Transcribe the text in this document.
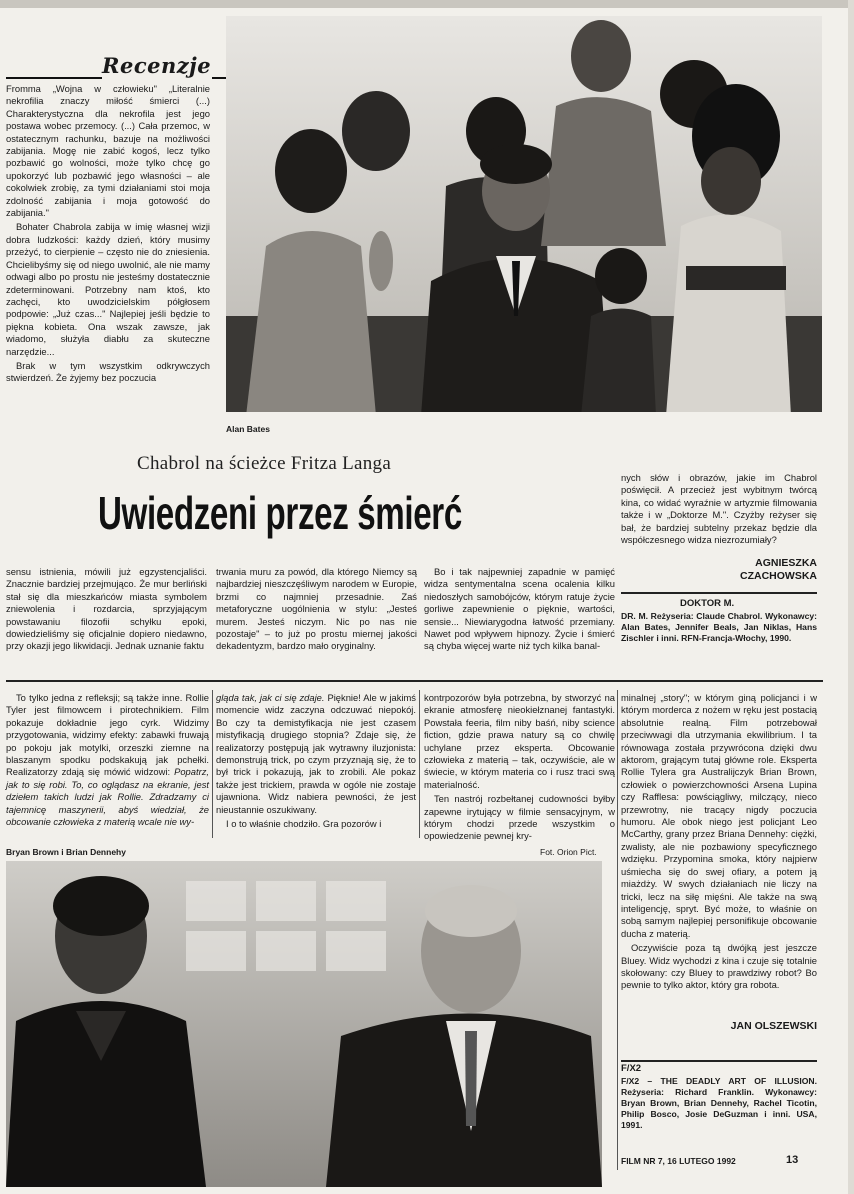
Recenzje

Fromma „Wojna w człowieku" „Literalnie nekrofilia znaczy miłość śmierci (...) Charakterystyczna dla nekrofila jest jego postawa wobec przemocy. (...) Cała przemoc, w ostatecznym rachunku, bazuje na możliwości zabijania. Mogę nie zabić kogoś, lecz tylko pozbawić go wolności, może tylko chcę go upokorzyć lub pozbawić jego własności – ale cokolwiek zrobię, za tymi działaniami stoi moja zdolność zabijania i moja gotowość do zabijania."

Bohater Chabrola zabija w imię własnej wizji dobra ludzkości: każdy dzień, który musimy przeżyć, to cierpienie – często nie do zniesienia. Chcielibyśmy się od niego uwolnić, ale nie mamy odwagi albo po prostu nie jesteśmy dostatecznie zdeterminowani. Potrzebny nam ktoś, kto zachęci, kto uwodzicielskim półgłosem podpowie: „Już czas..." Najlepiej jeśli będzie to piękna kobieta. Ona wszak zawsze, jak wiadomo, służyła diabłu za skuteczne narzędzie...

Brak w tym wszystkim odkrywczych stwierdzeń. Że żyjemy bez poczucia

Alan Bates
Chabrol na ścieżce Fritza Langa
Uwiedzeni przez śmierć

sensu istnienia, mówili już egzystencjaliści. Znacznie bardziej przejmująco. Że mur berliński stał się dla mieszkańców miasta symbolem zniewolenia i rozdarcia, sprzyjającym powstawaniu filozofii schyłku epoki, dowiedzieliśmy się oficjalnie dopiero niedawno, przy okazji jego likwidacji. Jednak uznanie faktu

trwania muru za powód, dla którego Niemcy są najbardziej nieszczęśliwym narodem w Europie, brzmi co najmniej przesadnie. Zaś metaforyczne uogólnienia w stylu: „Jesteś murem. Jesteś niczym. Nic po nas nie pozostaje" – to już po prostu miernej jakości dekadentyzm, bardzo mało oryginalny.

Bo i tak najpewniej zapadnie w pamięć widza sentymentalna scena ocalenia kilku niedoszłych samobójców, którym ratuje życie gorliwe zapewnienie o pięknie, wartości, sensie... Niewiarygodna łatwość przemiany. Nawet pod wpływem hipnozy. Życie i śmierć są chyba więcej warte niż tych kilka banal-

nych słów i obrazów, jakie im Chabrol poświęcił. A przecież jest wybitnym twórcą kina, co widać wyraźnie w artyzmie filmowania także i w „Doktorze M.". Czyżby reżyser się bał, że bardziej subtelny przekaz będzie dla współczesnego widza niezrozumiały?

AGNIESZKA
CZACHOWSKA
DOKTOR M.
DR. M. Reżyseria: Claude Chabrol. Wykonawcy: Alan Bates, Jennifer Beals, Jan Niklas, Hans Zischler i inni. RFN-Francja-Włochy, 1990.

To tylko jedna z refleksji; są także inne. Rollie Tyler jest filmowcem i pirotechnikiem. Film pokazuje dokładnie jego cyrk. Widzimy przygotowania, widzimy efekty: zabawki fruwają po pokoju jak motylki, orzeszki ziemne na blaszanym spodku podskakują jak pchełki. Realizatorzy zdają się mówić widzowi: Popatrz, jak to się robi. To, co oglądasz na ekranie, jest dziełem takich ludzi jak Rollie. Zdradzamy ci tajemnicę maszynerii, abyś wiedział, że obcowanie człowieka z materią wcale nie wy-

gląda tak, jak ci się zdaje. Pięknie! Ale w jakimś momencie widz zaczyna odczuwać niepokój. Bo czy ta demistyfikacja nie jest czasem mistyfikacją drugiego stopnia? Zdaje się, że realizatorzy postępują jak wytrawny iluzjonista: demonstrują trick, po czym przyznają się, że to był trick i pokazują, jak to zrobili. Ale pokaz także jest trickiem, prawda w ogóle nie zostaje ujawniona. Widz nabiera pewności, że jest nieustannie oszukiwany.

I o to właśnie chodziło. Gra pozorów i

kontrpozorów była potrzebna, by stworzyć na ekranie atmosferę nieokiełznanej fantastyki. Powstała feeria, film niby baśń, niby science fiction, gdzie prawa natury są co chwilę uchylane przez eksperta. Obcowanie człowieka z materią – tak, oczywiście, ale w świecie, w którym materia co i rusz traci swą materialność.

Ten nastrój rozbełtanej cudowności byłby zapewne irytujący w filmie sensacyjnym, w którym chodzi przede wszystkim o opowiedzenie pewnej kry-

minalnej „story"; w którym giną policjanci i w którym morderca z nożem w ręku jest postacią absolutnie realną. Film potrzebował przeciwwagi dla utrzymania ekwilibrium. I ta równowaga została przywrócona dzięki dwu aktorom, grającym tutaj główne role. Eksperta Rollie Tylera gra Australijczyk Brian Brown, człowiek o powierzchowności Arsena Lupina czy Rafflesa: powściągliwy, milczący, nieco przewrotny, nie tracący nigdy poczucia humoru. Ale obok niego jest policjant Leo McCarthy, grany przez Briana Dennehy: ciężki, zwalisty, ale nie pozbawiony specyficznego wdzięku. Przypomina smoka, który najpierw uśmiecha się do swej ofiary, a potem ją miażdży. W swych działaniach nie liczy na tricki, lecz na siłę mięśni. Ale także na swą inteligencję, spryt. Być może, to właśnie on sobą samym najlepiej personifikuje obcowanie ducha z materią.

Oczywiście poza tą dwójką jest jeszcze Bluey. Widz wychodzi z kina i czuje się totalnie skołowany: czy Bluey to prawdziwy robot? Bo pewnie to tylko aktor, który gra robota.

JAN OLSZEWSKI
F/X2
F/X2 – THE DEADLY ART OF ILLUSION. Reżyseria: Richard Franklin. Wykonawcy: Bryan Brown, Brian Dennehy, Rachel Ticotin, Philip Bosco, Josie DeGuzman i inni. USA, 1991.
Bryan Brown i Brian Dennehy	Fot. Orion Pict.
FILM NR 7, 16 LUTEGO 1992	13
